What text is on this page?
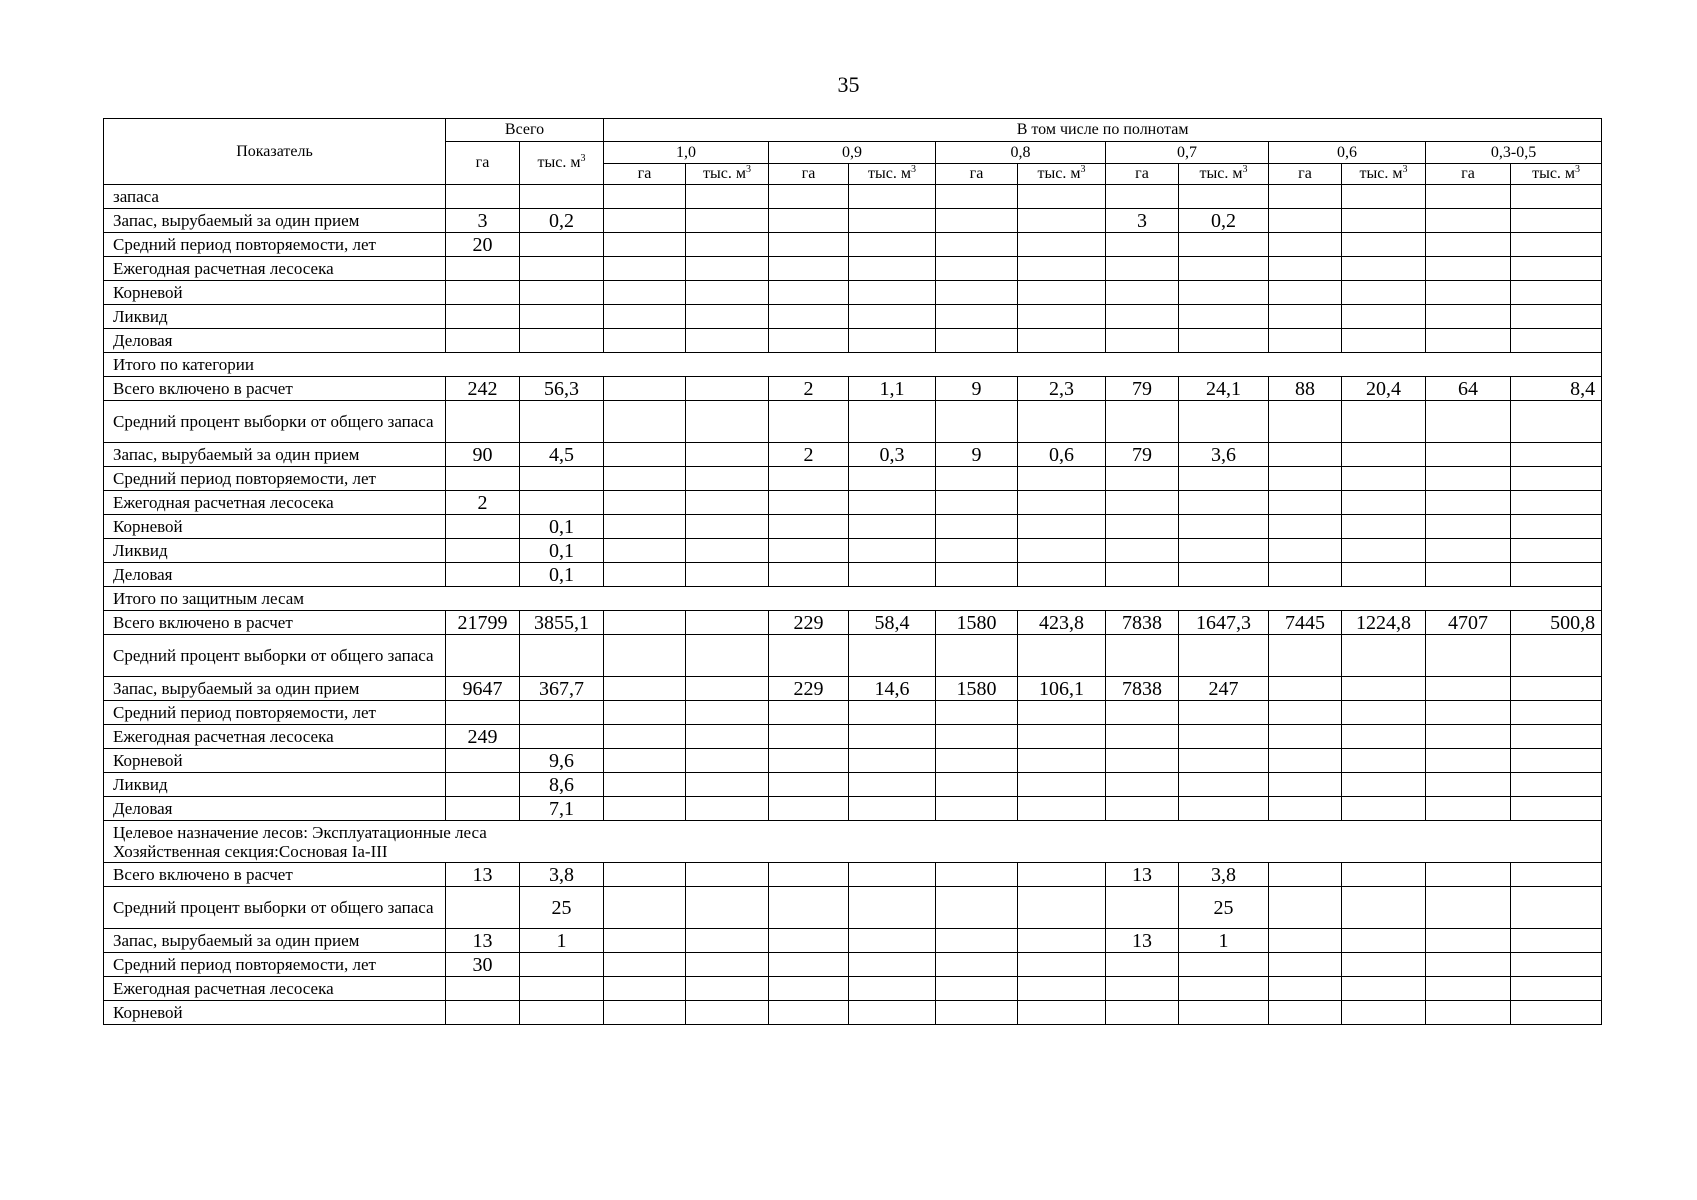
35
Показатель	Всего		В том числе по полнотам											
	га	тыс. $м^3$	1,0		0,9		0,8		0,7		0,6		0,3-0,5	
			га	тыс. $м^3$	га	тыс. $м^3$	га	тыс. $м^3$	га	тыс. $м^3$	га	тыс. $м^3$	га	тыс. $м^3$
запаса														
Запас, вырубаемый за один прием	3	0,2							3	0,2				
Средний период повторяемости, лет	20													
Ежегодная расчетная лесосека														
Корневой														
Ликвид														
Деловая														
Итого по категории														
Всего включено в расчет	242	56,3			2	1,1	9	2,3	79	24,1	88	20,4	64	8,4
Средний процент выборки от общего запаса														
Запас, вырубаемый за один прием	90	4,5			2	0,3	9	0,6	79	3,6				
Средний период повторяемости, лет														
Ежегодная расчетная лесосека	2													
Корневой		0,1												
Ликвид		0,1												
Деловая		0,1												
Итого по защитным лесам														
Всего включено в расчет	21799	3855,1			229	58,4	1580	423,8	7838	1647,3	7445	1224,8	4707	500,8
Средний процент выборки от общего запаса														
Запас, вырубаемый за один прием	9647	367,7			229	14,6	1580	106,1	7838	247				
Средний период повторяемости, лет														
Ежегодная расчетная лесосека	249													
Корневой		9,6												
Ликвид		8,6												
Деловая		7,1												

Целевое назначение лесов: Эксплуатационные леса
Хозяйственная секция:Сосновая Iа-III														

Всего включено в расчет	13	3,8							13	3,8				
Средний процент выборки от общего запаса		25								25				
Запас, вырубаемый за один прием	13	1							13	1				
Средний период повторяемости, лет	30													
Ежегодная расчетная лесосека														
Корневой														
